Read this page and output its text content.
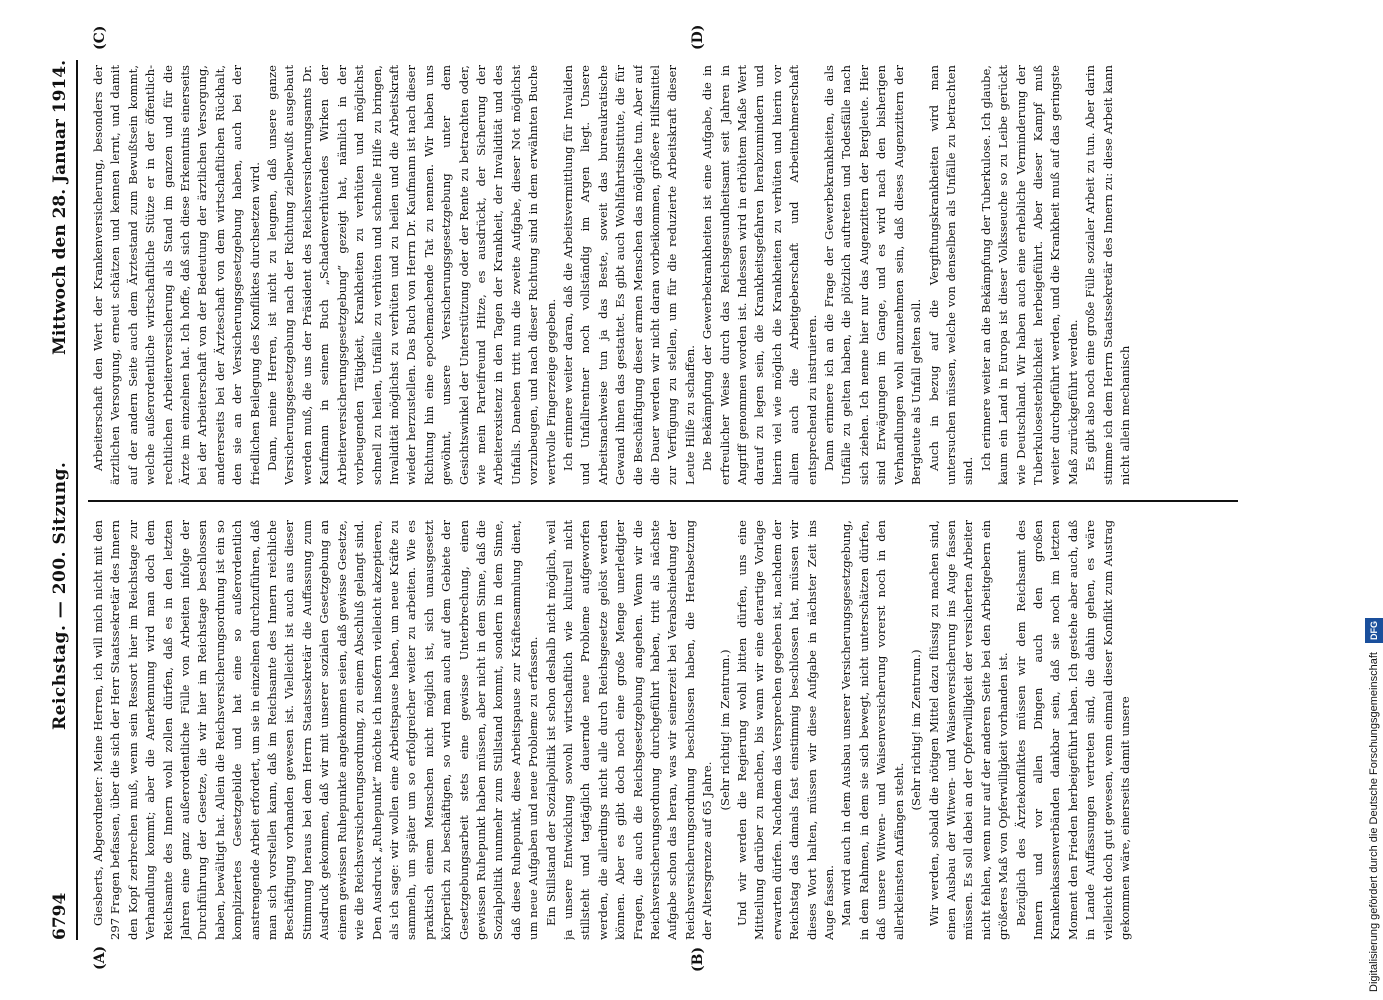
6794
Reichstag. — 200. Sitzung.
Mittwoch den 28. Januar 1914.
(A)	(B)
(C)	(D)

Giesberts, Abgeordneter: Meine Herren, ich will mich nicht mit den 297 Fragen befassen, über die sich der Herr Staatssekretär des Innern den Kopf zerbrechen muß, wenn sein Ressort hier im Reichstage zur Verhandlung kommt; aber die Anerkennung wird man doch dem Reichsamte des Innern wohl zollen dürfen, daß es in den letzten Jahren eine ganz außerordentliche Fülle von Arbeiten infolge der Durchführung der Gesetze, die wir hier im Reichstage beschlossen haben, bewältigt hat. Allein die Reichsversicherungsordnung ist ein so kompliziertes Gesetzgebilde und hat eine so außerordentlich anstrengende Arbeit erfordert, um sie in einzelnen durchzuführen, daß man sich vorstellen kann, daß im Reichsamte des Innern reichliche Beschäftigung vorhanden gewesen ist. Vielleicht ist auch aus dieser Stimmung heraus bei dem Herrn Staatssekretär die Auffassung zum Ausdruck gekommen, daß wir mit unserer sozialen Gesetzgebung an einem gewissen Ruhepunkte angekommen seien, daß gewisse Gesetze, wie die Reichsversicherungsordnung, zu einem Abschluß gelangt sind. Den Ausdruck „Ruhepunkt“ möchte ich insofern vielleicht akzeptieren, als ich sage: wir wollen eine Arbeitspause haben, um neue Kräfte zu sammeln, um später um so erfolgreicher weiter zu arbeiten. Wie es praktisch einem Menschen nicht möglich ist, sich unausgesetzt körperlich zu beschäftigen, so wird man auch auf dem Gebiete der Gesetzgebungsarbeit stets eine gewisse Unterbrechung, einen gewissen Ruhepunkt haben müssen, aber nicht in dem Sinne, daß die Sozialpolitik nunmehr zum Stillstand kommt, sondern in dem Sinne, daß diese Ruhepunkt, diese Arbeitspause zur Kräftesammlung dient, um neue Aufgaben und neue Probleme zu erfassen. Ein Stillstand der Sozialpolitik ist schon deshalb nicht möglich, weil ja unsere Entwicklung sowohl wirtschaftlich wie kulturell nicht stillsteht und tagtäglich dauernde neue Probleme aufgeworfen werden, die allerdings nicht alle durch Reichsgesetze gelöst werden können. Aber es gibt doch noch eine große Menge unerledigter Fragen, die auch die Reichsgesetzgebung angehen. Wenn wir die Reichsversicherungsordnung durchgeführt haben, tritt als nächste Aufgabe schon das heran, was wir seinerzeit bei Verabschiedung der Reichsversicherungsordnung beschlossen haben, die Herabsetzung der Altersgrenze auf 65 Jahre.

(Sehr richtig! im Zentrum.) Und wir werden die Regierung wohl bitten dürfen, uns eine Mitteilung darüber zu machen, bis wann wir eine derartige Vorlage erwarten dürfen. Nachdem das Versprechen gegeben ist, nachdem der Reichstag das damals fast einstimmig beschlossen hat, müssen wir dieses Wort halten, müssen wir diese Aufgabe in nächster Zeit ins Auge fassen. Man wird auch in dem Ausbau unserer Versicherungsgesetzgebung, in dem Rahmen, in dem sie sich bewegt, nicht unterschätzen dürfen, daß unsere Witwen- und Waisenversicherung vorerst noch in den allerkleinsten Anfängen steht.

(Sehr richtig! im Zentrum.) Wir werden, sobald die nötigen Mittel dazu flüssig zu machen sind, einen Ausbau der Witwen- und Waisenversicherung ins Auge fassen müssen. Es soll dabei an der Opferwilligkeit der versicherten Arbeiter nicht fehlen, wenn nur auf der anderen Seite bei den Arbeitgebern ein größeres Maß von Opferwilligkeit vorhanden ist. Bezüglich des Ärztekonfliktes müssen wir dem Reichsamt des Innern und vor allen Dingen auch den großen Krankenkassenverbänden dankbar sein, daß sie noch im letzten Moment den Frieden herbeigeführt haben. Ich gestehe aber auch, daß in Lande Auffassungen vertreten sind, die dahin gehen, es wäre vielleicht doch gut gewesen, wenn einmal dieser Konflikt zum Austrag gekommen wäre, einerseits damit unsere

Arbeiterschaft den Wert der Krankenversicherung, besonders der ärztlichen Versorgung, erneut schätzen und kennen lernt, und damit auf der andern Seite auch dem Ärztestand zum Bewußtsein kommt, welche außerordentliche wirtschaftliche Stütze er in der öffentlich-rechtlichen Arbeiterversicherung als Stand im ganzen und für die Ärzte im einzelnen hat. Ich hoffe, daß sich diese Erkenntnis einerseits bei der Arbeiterschaft von der Bedeutung der ärztlichen Versorgung, andererseits bei der Ärzteschaft von dem wirtschaftlichen Rückhalt, den sie an der Versicherungsgesetzgebung haben, auch bei der friedlichen Beilegung des Konfliktes durchsetzen wird. Dann, meine Herren, ist nicht zu leugnen, daß unsere ganze Versicherungsgesetzgebung nach der Richtung zielbewußt ausgebaut werden muß, die uns der Präsident des Reichsversicherungsamts Dr. Kaufmann in seinem Buch „Schadenverhütendes Wirken der Arbeiterversicherungsgesetzgebung“ gezeigt hat, nämlich in der vorbeugenden Tätigkeit, Krankheiten zu verhüten und möglichst schnell zu heilen, Unfälle zu verhüten und schnelle Hilfe zu bringen, Invalidität möglichst zu verhüten und zu heilen und die Arbeitskraft wieder herzustellen. Das Buch von Herrn Dr. Kaufmann ist nach dieser Richtung hin eine epochemachende Tat zu nennen. Wir haben uns gewöhnt, unsere Versicherungsgesetzgebung unter dem Gesichtswinkel der Unterstützung oder der Rente zu betrachten oder, wie mein Parteifreund Hitze, es ausdrückt, der Sicherung der Arbeiterexistenz in den Tagen der Krankheit, der Invalidität und des Unfalls. Daneben tritt nun die zweite Aufgabe, dieser Not möglichst vorzubeugen, und nach dieser Richtung sind in dem erwähnten Buche wertvolle Fingerzeige gegeben. Ich erinnere weiter daran, daß die Arbeitsvermittlung für Invaliden und Unfallrentner noch vollständig im Argen liegt. Unsere Arbeitsnachweise tun ja das Beste, soweit das bureaukratische Gewand ihnen das gestattet. Es gibt auch Wohlfahrtsinstitute, die für die Beschäftigung dieser armen Menschen das mögliche tun. Aber auf die Dauer werden wir nicht daran vorbeikommen, größere Hilfsmittel zur Verfügung zu stellen, um für die reduzierte Arbeitskraft dieser Leute Hilfe zu schaffen. Die Bekämpfung der Gewerbekrankheiten ist eine Aufgabe, die in erfreulicher Weise durch das Reichsgesundheitsamt seit Jahren in Angriff genommen worden ist. Indessen wird in erhöhtem Maße Wert darauf zu legen sein, die Krankheitsgefahren herabzumindern und hierin viel wie möglich die Krankheiten zu verhüten und hierin vor allem auch die Arbeitgeberschaft und Arbeitnehmerschaft entsprechend zu instruieren. Dann erinnere ich an die Frage der Gewerbekrankheiten, die als Unfälle zu gelten haben, die plötzlich auftreten und Todesfälle nach sich ziehen. Ich nenne hier nur das Augenzittern der Bergleute. Hier sind Erwägungen im Gange, und es wird nach den bisherigen Verhandlungen wohl anzunehmen sein, daß dieses Augenzittern der Bergleute als Unfall gelten soll. Auch in bezug auf die Vergiftungskrankheiten wird man untersuchen müssen, welche von denselben als Unfälle zu betrachten sind. Ich erinnere weiter an die Bekämpfung der Tuberkulose. Ich glaube, kaum ein Land in Europa ist dieser Volksseuche so zu Leibe gerückt wie Deutschland. Wir haben auch eine erhebliche Verminderung der Tuberkulosesterblichkeit herbeigeführt. Aber dieser Kampf muß weiter durchgeführt werden, und die Krankheit muß auf das geringste Maß zurückgeführt werden. Es gibt also noch eine große Fülle sozialer Arbeit zu tun. Aber darin stimme ich dem Herrn Staatssekretär des Innern zu: diese Arbeit kann nicht allein mechanisch

Digitalisierung gefördert durch die Deutsche Forschungsgemeinschaft DFG
